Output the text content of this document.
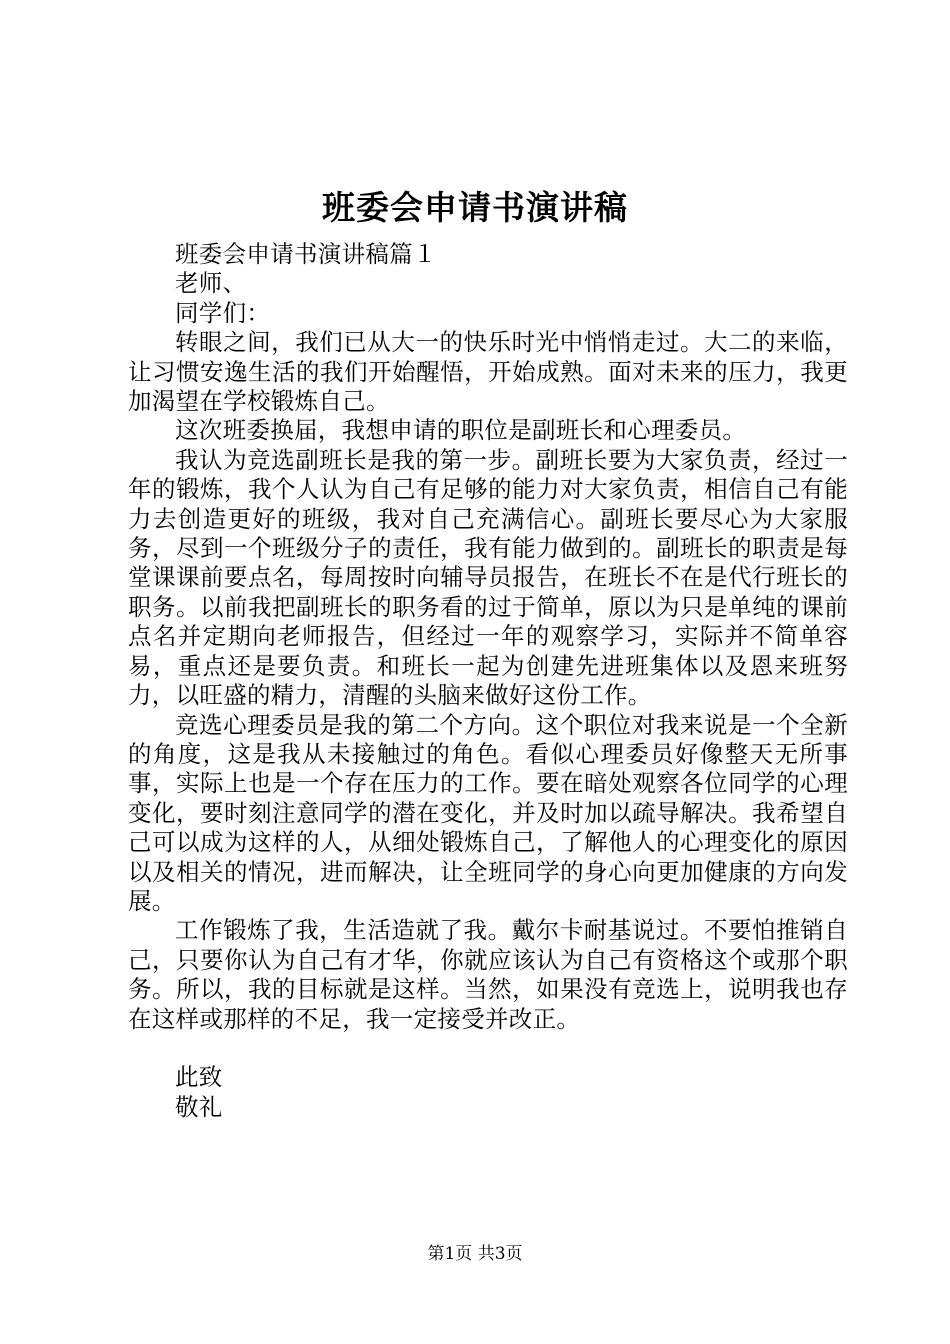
班委会申请书演讲稿

班委会申请书演讲稿篇１

老师、

同学们：

转眼之间，我们已从大一的快乐时光中悄悄走过。大二的来临，让习惯安逸生活的我们开始醒悟，开始成熟。面对未来的压力，我更加渴望在学校锻炼自己。

这次班委换届，我想申请的职位是副班长和心理委员。

我认为竞选副班长是我的第一步。副班长要为大家负责，经过一年的锻炼，我个人认为自己有足够的能力对大家负责，相信自己有能力去创造更好的班级，我对自己充满信心。副班长要尽心为大家服务，尽到一个班级分子的责任，我有能力做到的。副班长的职责是每堂课课前要点名，每周按时向辅导员报告，在班长不在是代行班长的职务。以前我把副班长的职务看的过于简单，原以为只是单纯的课前点名并定期向老师报告，但经过一年的观察学习，实际并不简单容易，重点还是要负责。和班长一起为创建先进班集体以及恩来班努力，以旺盛的精力，清醒的头脑来做好这份工作。

竞选心理委员是我的第二个方向。这个职位对我来说是一个全新的角度，这是我从未接触过的角色。看似心理委员好像整天无所事事，实际上也是一个存在压力的工作。要在暗处观察各位同学的心理变化，要时刻注意同学的潜在变化，并及时加以疏导解决。我希望自己可以成为这样的人，从细处锻炼自己，了解他人的心理变化的原因以及相关的情况，进而解决，让全班同学的身心向更加健康的方向发展。

工作锻炼了我，生活造就了我。戴尔卡耐基说过。不要怕推销自己，只要你认为自己有才华，你就应该认为自己有资格这个或那个职务。所以，我的目标就是这样。当然，如果没有竞选上，说明我也存在这样或那样的不足，我一定接受并改正。

此致

敬礼

第1页 共3页
